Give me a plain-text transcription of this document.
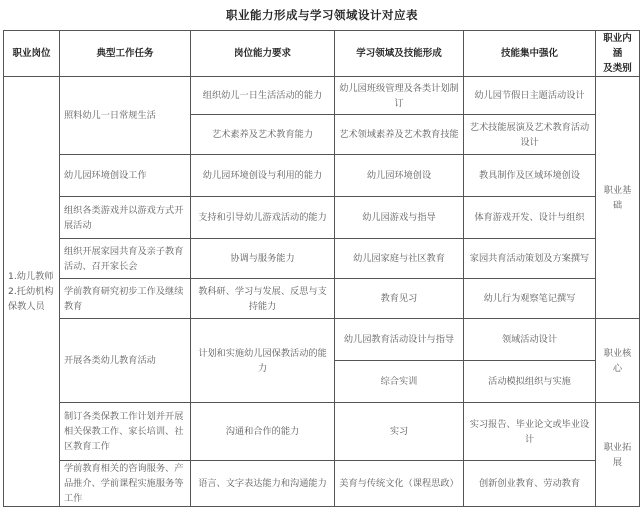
职业能力形成与学习领域设计对应表
职业岗位	典型工作任务	岗位能力要求	学习领域及技能形成	技能集中强化	职业内涵
及类别
1.幼儿教师
2.托幼机构
保教人员	照料幼儿一日常规生活	组织幼儿一日生活活动的能力	幼儿园班级管理及各类计划制订	幼儿园节假日主题活动设计	职业基础
		艺术素养及艺术教育能力	艺术领域素养及艺术教育技能	艺术技能展演及艺术教育活动设计	
	幼儿园环境创设工作	幼儿园环境创设与利用的能力	幼儿园环境创设	教具制作及区域环境创设	
	组织各类游戏并以游戏方式开展活动	支持和引导幼儿游戏活动的能力	幼儿园游戏与指导	体育游戏开发、设计与组织	
	组织开展家园共育及亲子教育活动、召开家长会	协调与服务能力	幼儿园家庭与社区教育	家园共育活动策划及方案撰写	
	学前教育研究初步工作及继续教育	教科研、学习与发展、反思与支持能力	教育见习	幼儿行为观察笔记撰写	
	开展各类幼儿教育活动	计划和实施幼儿园保教活动的能力	幼儿园教育活动设计与指导	领域活动设计	职业核心
			综合实训	活动模拟组织与实施	
	制订各类保教工作计划并开展相关保教工作、家长培训、社区教育工作	沟通和合作的能力	实习	实习报告、毕业论文或毕业设计	职业拓展
	学前教育相关的咨询服务、产品推介、学前课程实施服务等工作	语言、文字表达能力和沟通能力	美育与传统文化（课程思政）	创新创业教育、劳动教育	
